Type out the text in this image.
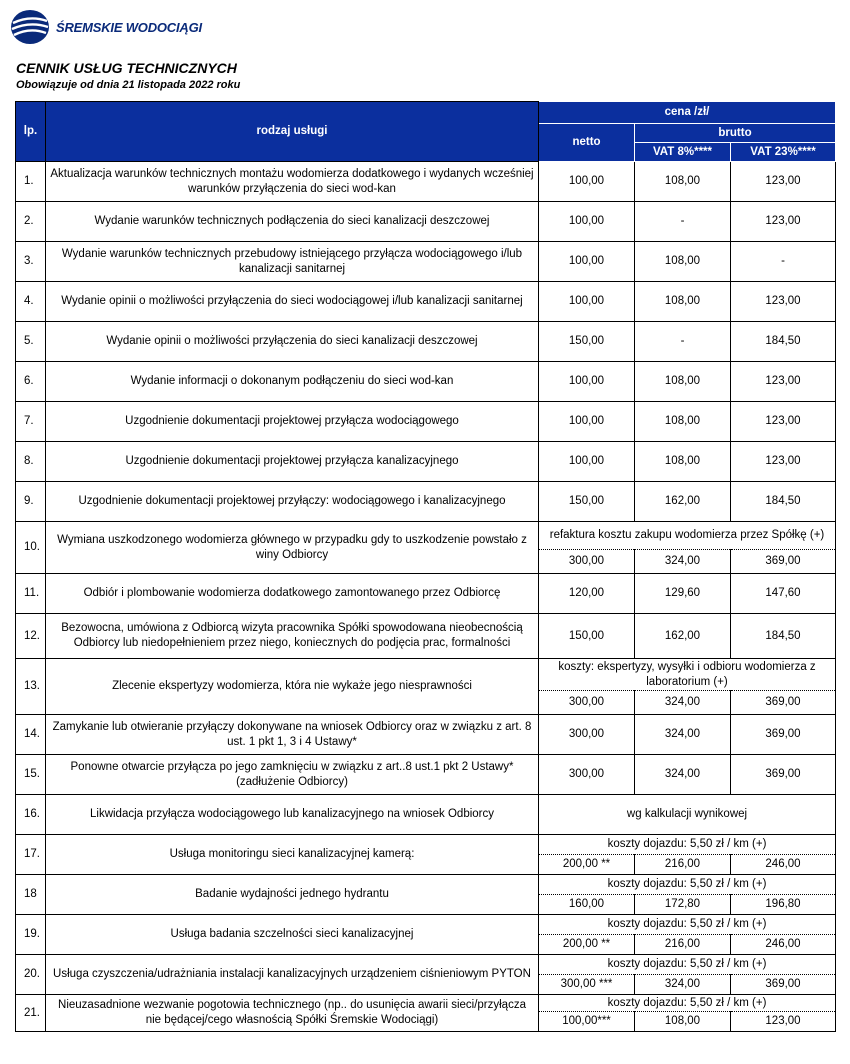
ŚREMSKIE WODOCIĄGI
CENNIK USŁUG TECHNICZNYCH
Obowiązuje od dnia 21 listopada 2022 roku
lp.	rodzaj usługi	cena /zł/		
		netto	brutto	
			VAT 8%****	VAT 23%****
1.	Aktualizacja warunków technicznych montażu wodomierza dodatkowego i wydanych wcześniej warunków przyłączenia do sieci wod-kan	100,00	108,00	123,00
2.	Wydanie warunków technicznych podłączenia do sieci kanalizacji deszczowej	100,00	-	123,00
3.	Wydanie warunków technicznych przebudowy istniejącego przyłącza wodociągowego i/lub kanalizacji sanitarnej	100,00	108,00	-
4.	Wydanie opinii o możliwości przyłączenia do sieci wodociągowej i/lub kanalizacji sanitarnej	100,00	108,00	123,00
5.	Wydanie opinii o możliwości przyłączenia do sieci kanalizacji deszczowej	150,00	-	184,50
6.	Wydanie informacji o dokonanym podłączeniu do sieci wod-kan	100,00	108,00	123,00
7.	Uzgodnienie dokumentacji projektowej przyłącza wodociągowego	100,00	108,00	123,00
8.	Uzgodnienie dokumentacji projektowej przyłącza kanalizacyjnego	100,00	108,00	123,00
9.	Uzgodnienie dokumentacji projektowej przyłączy: wodociągowego i kanalizacyjnego	150,00	162,00	184,50
10.	Wymiana uszkodzonego wodomierza głównego w przypadku gdy to uszkodzenie powstało z winy Odbiorcy	refaktura kosztu zakupu wodomierza przez Spółkę (+)		
		300,00	324,00	369,00
11.	Odbiór i plombowanie wodomierza dodatkowego zamontowanego przez Odbiorcę	120,00	129,60	147,60
12.	Bezowocna, umówiona z Odbiorcą wizyta pracownika Spółki spowodowana nieobecnością Odbiorcy lub niedopełnieniem przez niego, koniecznych do podjęcia prac, formalności	150,00	162,00	184,50
13.	Zlecenie ekspertyzy wodomierza, która nie wykaże jego niesprawności	koszty: ekspertyzy, wysyłki i odbioru wodomierza z laboratorium (+)		
		300,00	324,00	369,00
14.	Zamykanie lub otwieranie przyłączy dokonywane na wniosek Odbiorcy oraz w związku z art. 8 ust. 1 pkt 1, 3 i 4 Ustawy*	300,00	324,00	369,00
15.	Ponowne otwarcie przyłącza po jego zamknięciu w związku z art..8 ust.1 pkt 2 Ustawy* (zadłużenie Odbiorcy)	300,00	324,00	369,00
16.	Likwidacja przyłącza wodociągowego lub kanalizacyjnego na wniosek Odbiorcy	wg kalkulacji wynikowej		
17.	Usługa monitoringu sieci kanalizacyjnej kamerą:	koszty dojazdu: 5,50 zł / km (+)		
		200,00 **	216,00	246,00
18	Badanie wydajności jednego hydrantu	koszty dojazdu: 5,50 zł / km (+)		
		160,00	172,80	196,80
19.	Usługa badania szczelności sieci kanalizacyjnej	koszty dojazdu: 5,50 zł / km (+)		
		200,00 **	216,00	246,00
20.	Usługa czyszczenia/udrażniania instalacji kanalizacyjnych urządzeniem ciśnieniowym PYTON	koszty dojazdu: 5,50 zł / km (+)		
		300,00 ***	324,00	369,00
21.	Nieuzasadnione wezwanie pogotowia technicznego (np.. do usunięcia awarii sieci/przyłącza nie będącej/cego własnością Spółki Śremskie Wodociągi)	koszty dojazdu: 5,50 zł / km (+)		
		100,00***	108,00	123,00
